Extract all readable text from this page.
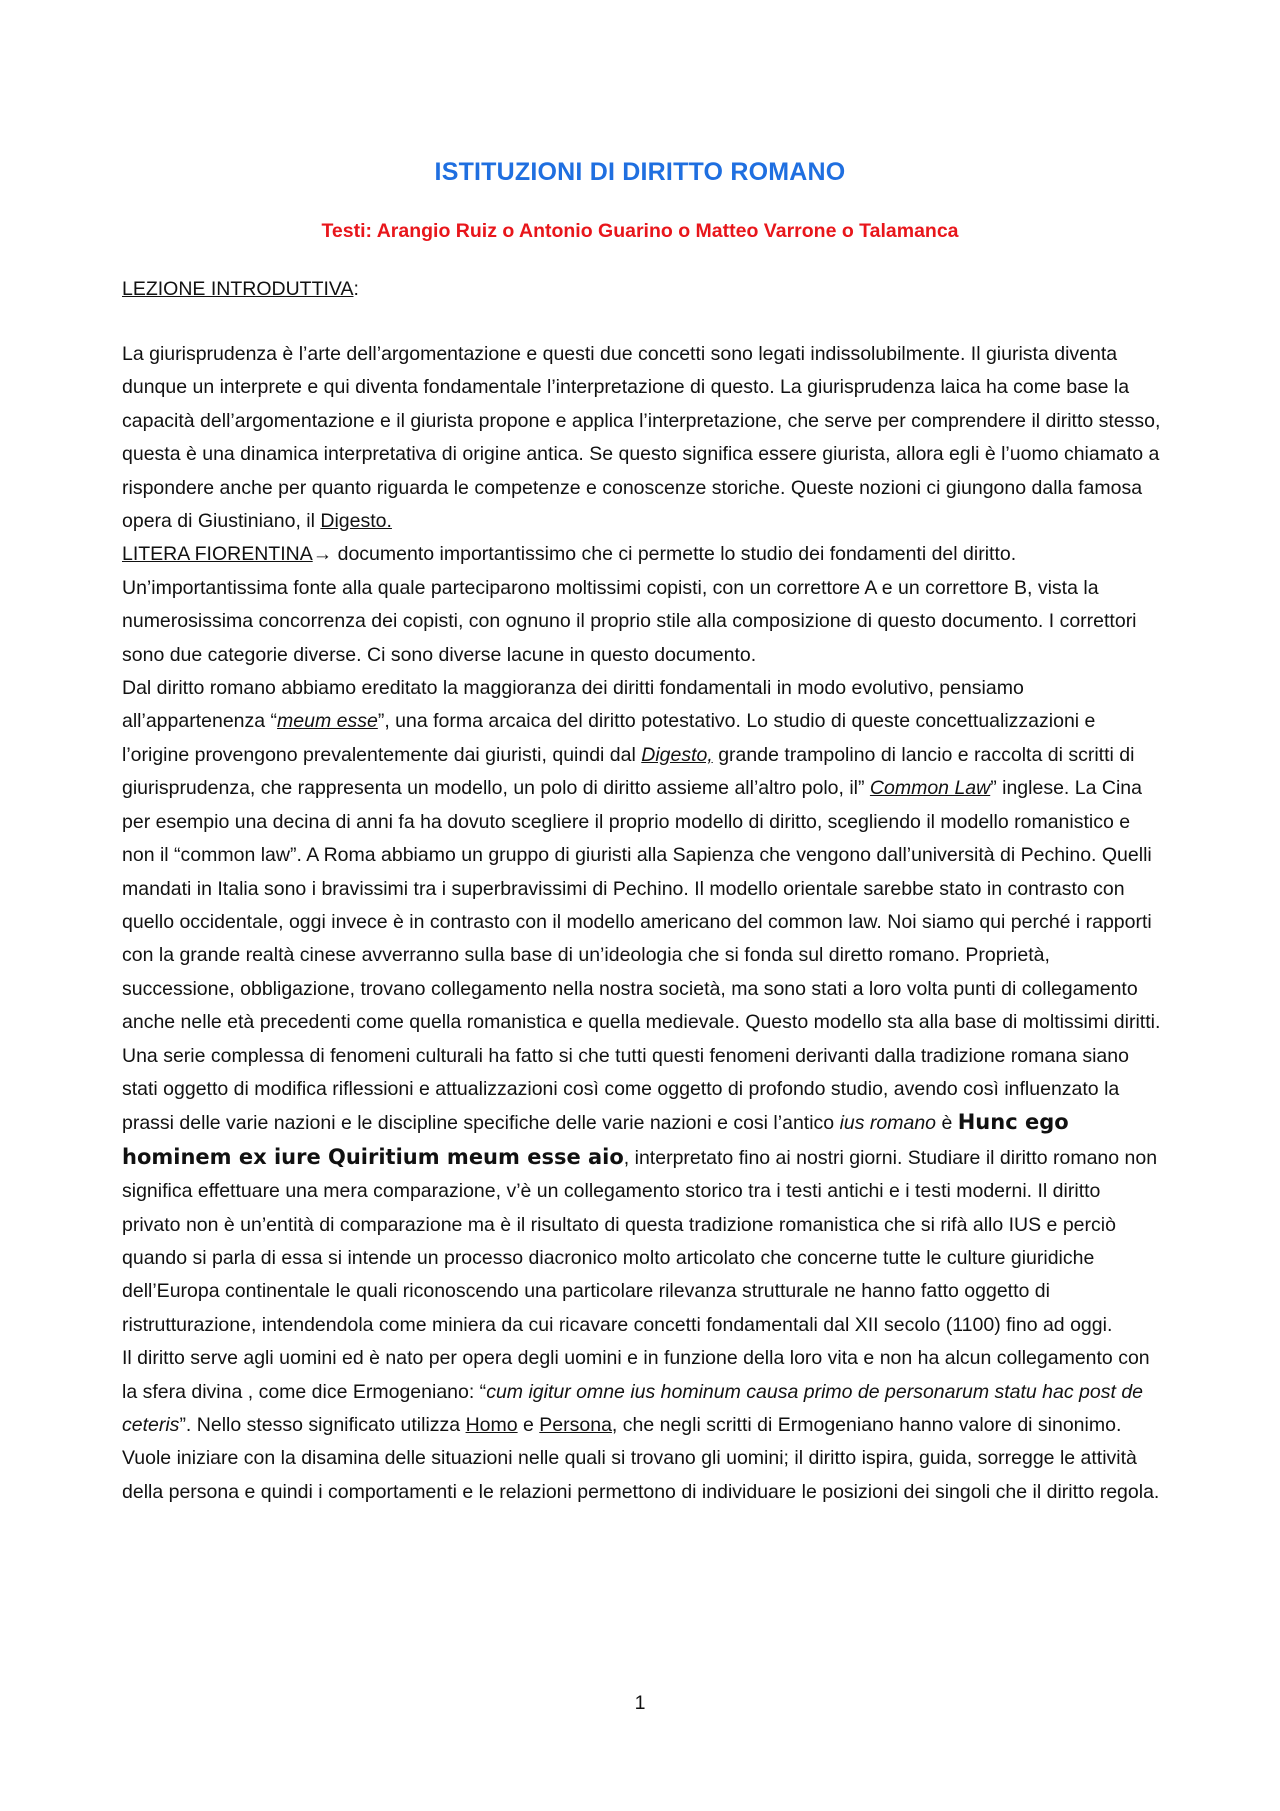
ISTITUZIONI DI DIRITTO ROMANO
Testi: Arangio Ruiz o Antonio Guarino o Matteo Varrone o Talamanca
LEZIONE INTRODUTTIVA:

La giurisprudenza è l’arte dell’argomentazione e questi due concetti sono legati indissolubilmente. Il giurista diventa dunque un interprete e qui diventa fondamentale l’interpretazione di questo. La giurisprudenza laica ha come base la capacità dell’argomentazione e il giurista propone e applica l’interpretazione, che serve per comprendere il diritto stesso, questa è una dinamica interpretativa di origine antica. Se questo significa essere giurista, allora egli è l’uomo chiamato a rispondere anche per quanto riguarda le competenze e conoscenze storiche. Queste nozioni ci giungono dalla famosa opera di Giustiniano, il Digesto.

LITERA FIORENTINA→ documento importantissimo che ci permette lo studio dei fondamenti del diritto. Un’importantissima fonte alla quale parteciparono moltissimi copisti, con un correttore A e un correttore B, vista la numerosissima concorrenza dei copisti, con ognuno il proprio stile alla composizione di questo documento. I correttori sono due categorie diverse. Ci sono diverse lacune in questo documento.

Dal diritto romano abbiamo ereditato la maggioranza dei diritti fondamentali in modo evolutivo, pensiamo all’appartenenza “meum esse”, una forma arcaica del diritto potestativo. Lo studio di queste concettualizzazioni e l’origine provengono prevalentemente dai giuristi, quindi dal Digesto, grande trampolino di lancio e raccolta di scritti di giurisprudenza, che rappresenta un modello, un polo di diritto assieme all’altro polo, il” Common Law” inglese. La Cina per esempio una decina di anni fa ha dovuto scegliere il proprio modello di diritto, scegliendo il modello romanistico e non il “common law”. A Roma abbiamo un gruppo di giuristi alla Sapienza che vengono dall’università di Pechino. Quelli mandati in Italia sono i bravissimi tra i superbravissimi di Pechino. Il modello orientale sarebbe stato in contrasto con quello occidentale, oggi invece è in contrasto con il modello americano del common law. Noi siamo qui perché i rapporti con la grande realtà cinese avverranno sulla base di un’ideologia che si fonda sul diretto romano. Proprietà, successione, obbligazione, trovano collegamento nella nostra società, ma sono stati a loro volta punti di collegamento anche nelle età precedenti come quella romanistica e quella medievale. Questo modello sta alla base di moltissimi diritti. Una serie complessa di fenomeni culturali ha fatto si che tutti questi fenomeni derivanti dalla tradizione romana siano stati oggetto di modifica riflessioni e attualizzazioni così come oggetto di profondo studio, avendo così influenzato la prassi delle varie nazioni e le discipline specifiche delle varie nazioni e cosi l’antico ius romano è Hunc ego hominem ex iure Quiritium meum esse aio, interpretato fino ai nostri giorni. Studiare il diritto romano non significa effettuare una mera comparazione, v’è un collegamento storico tra i testi antichi e i testi moderni. Il diritto privato non è un’entità di comparazione ma è il risultato di questa tradizione romanistica che si rifà allo IUS e perciò quando si parla di essa si intende un processo diacronico molto articolato che concerne tutte le culture giuridiche dell’Europa continentale le quali riconoscendo una particolare rilevanza strutturale ne hanno fatto oggetto di ristrutturazione, intendendola come miniera da cui ricavare concetti fondamentali dal XII secolo (1100) fino ad oggi.

Il diritto serve agli uomini ed è nato per opera degli uomini e in funzione della loro vita e non ha alcun collegamento con la sfera divina , come dice Ermogeniano: “cum igitur omne ius hominum causa primo de personarum statu hac post de ceteris”. Nello stesso significato utilizza Homo e Persona, che negli scritti di Ermogeniano hanno valore di sinonimo. Vuole iniziare con la disamina delle situazioni nelle quali si trovano gli uomini; il diritto ispira, guida, sorregge le attività della persona e quindi i comportamenti e le relazioni permettono di individuare le posizioni dei singoli che il diritto regola.

1
